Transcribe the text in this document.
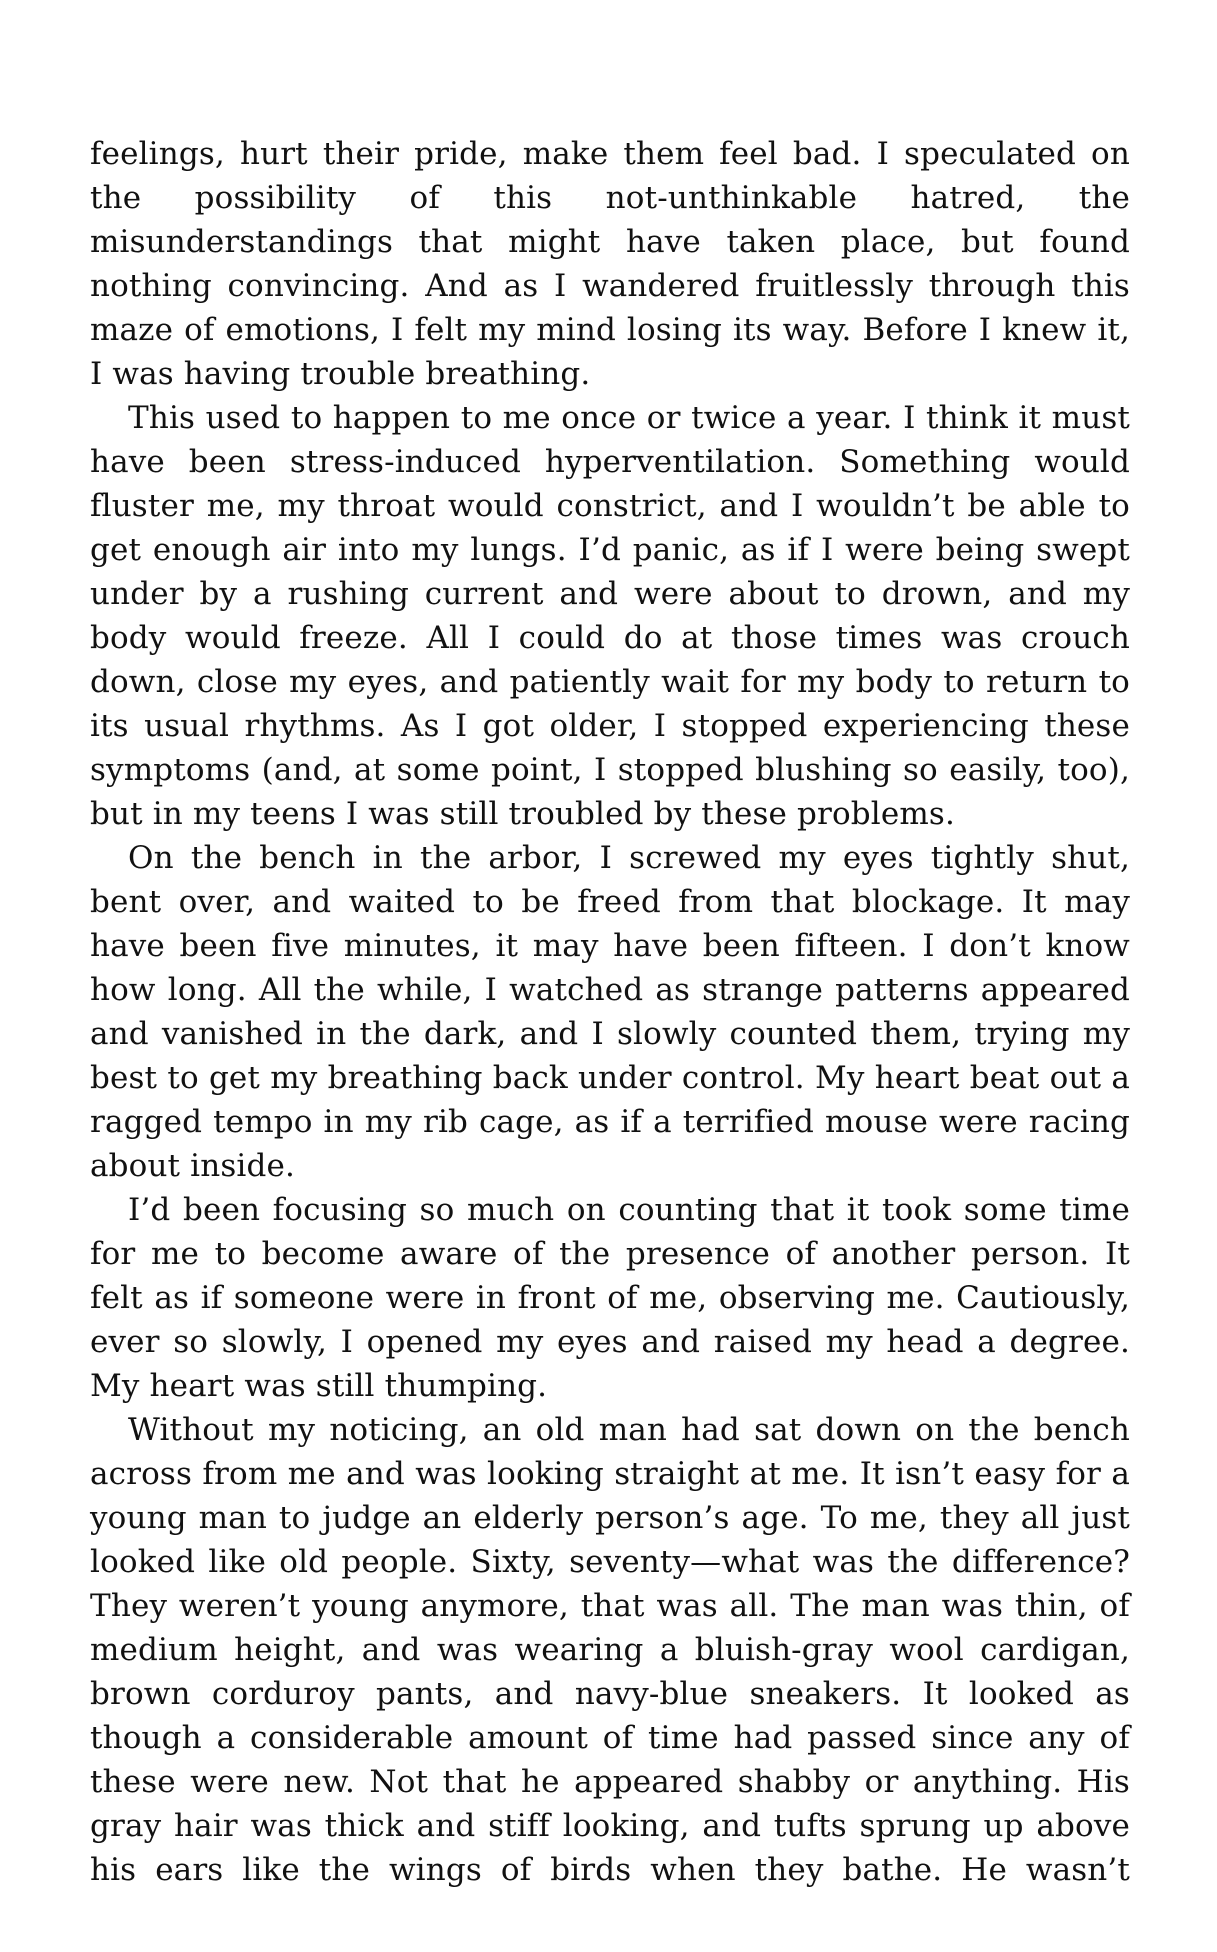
feelings, hurt their pride, make them feel bad. I speculated on the possibility of this not-unthinkable hatred, the misunderstandings that might have taken place, but found nothing convincing. And as I wandered fruitlessly through this maze of emotions, I felt my mind losing its way. Before I knew it, I was having trouble breathing.

This used to happen to me once or twice a year. I think it must have been stress-induced hyperventilation. Something would fluster me, my throat would constrict, and I wouldn’t be able to get enough air into my lungs. I’d panic, as if I were being swept under by a rushing current and were about to drown, and my body would freeze. All I could do at those times was crouch down, close my eyes, and patiently wait for my body to return to its usual rhythms. As I got older, I stopped experiencing these symptoms (and, at some point, I stopped blushing so easily, too), but in my teens I was still troubled by these problems.

On the bench in the arbor, I screwed my eyes tightly shut, bent over, and waited to be freed from that blockage. It may have been five minutes, it may have been fifteen. I don’t know how long. All the while, I watched as strange patterns appeared and vanished in the dark, and I slowly counted them, trying my best to get my breathing back under control. My heart beat out a ragged tempo in my rib cage, as if a terrified mouse were racing about inside.

I’d been focusing so much on counting that it took some time for me to become aware of the presence of another person. It felt as if someone were in front of me, observing me. Cautiously, ever so slowly, I opened my eyes and raised my head a degree. My heart was still thumping.

Without my noticing, an old man had sat down on the bench across from me and was looking straight at me. It isn’t easy for a young man to judge an elderly person’s age. To me, they all just looked like old people. Sixty, seventy—what was the difference? They weren’t young anymore, that was all. The man was thin, of medium height, and was wearing a bluish-gray wool cardigan, brown corduroy pants, and navy-blue sneakers. It looked as though a considerable amount of time had passed since any of these were new. Not that he appeared shabby or anything. His gray hair was thick and stiff looking, and tufts sprung up above his ears like the wings of birds when they bathe. He wasn’t
